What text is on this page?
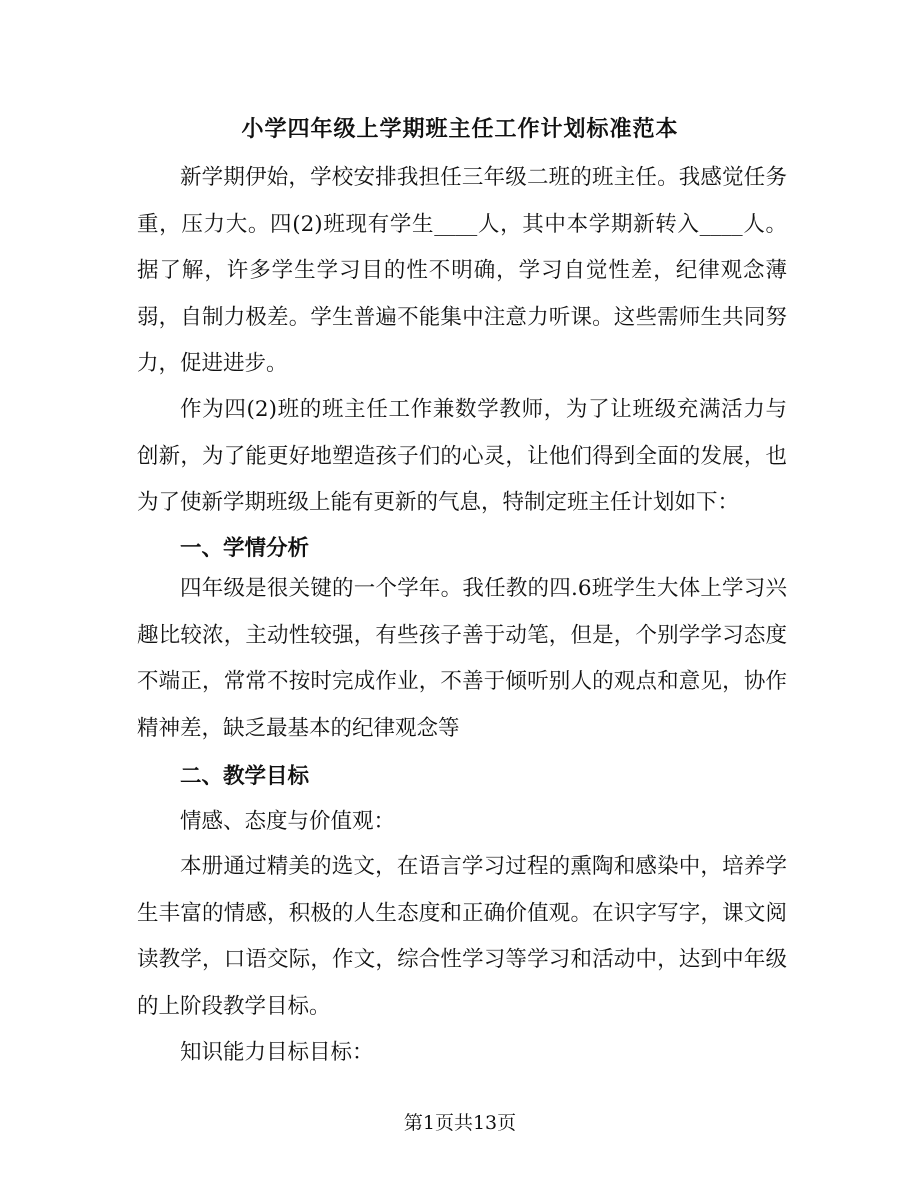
小学四年级上学期班主任工作计划标准范本

新学期伊始，学校安排我担任三年级二班的班主任。我感觉任务重，压力大。四(2)班现有学生____人，其中本学期新转入____人。据了解，许多学生学习目的性不明确，学习自觉性差，纪律观念薄弱，自制力极差。学生普遍不能集中注意力听课。这些需师生共同努力，促进进步。

作为四(2)班的班主任工作兼数学教师，为了让班级充满活力与创新，为了能更好地塑造孩子们的心灵，让他们得到全面的发展，也为了使新学期班级上能有更新的气息，特制定班主任计划如下：

一、学情分析

四年级是很关键的一个学年。我任教的四.6班学生大体上学习兴趣比较浓，主动性较强，有些孩子善于动笔，但是，个别学学习态度不端正，常常不按时完成作业，不善于倾听别人的观点和意见，协作精神差，缺乏最基本的纪律观念等

二、教学目标

情感、态度与价值观：

本册通过精美的选文，在语言学习过程的熏陶和感染中，培养学生丰富的情感，积极的人生态度和正确价值观。在识字写字，课文阅读教学，口语交际，作文，综合性学习等学习和活动中，达到中年级的上阶段教学目标。

知识能力目标目标：

第1页共13页
